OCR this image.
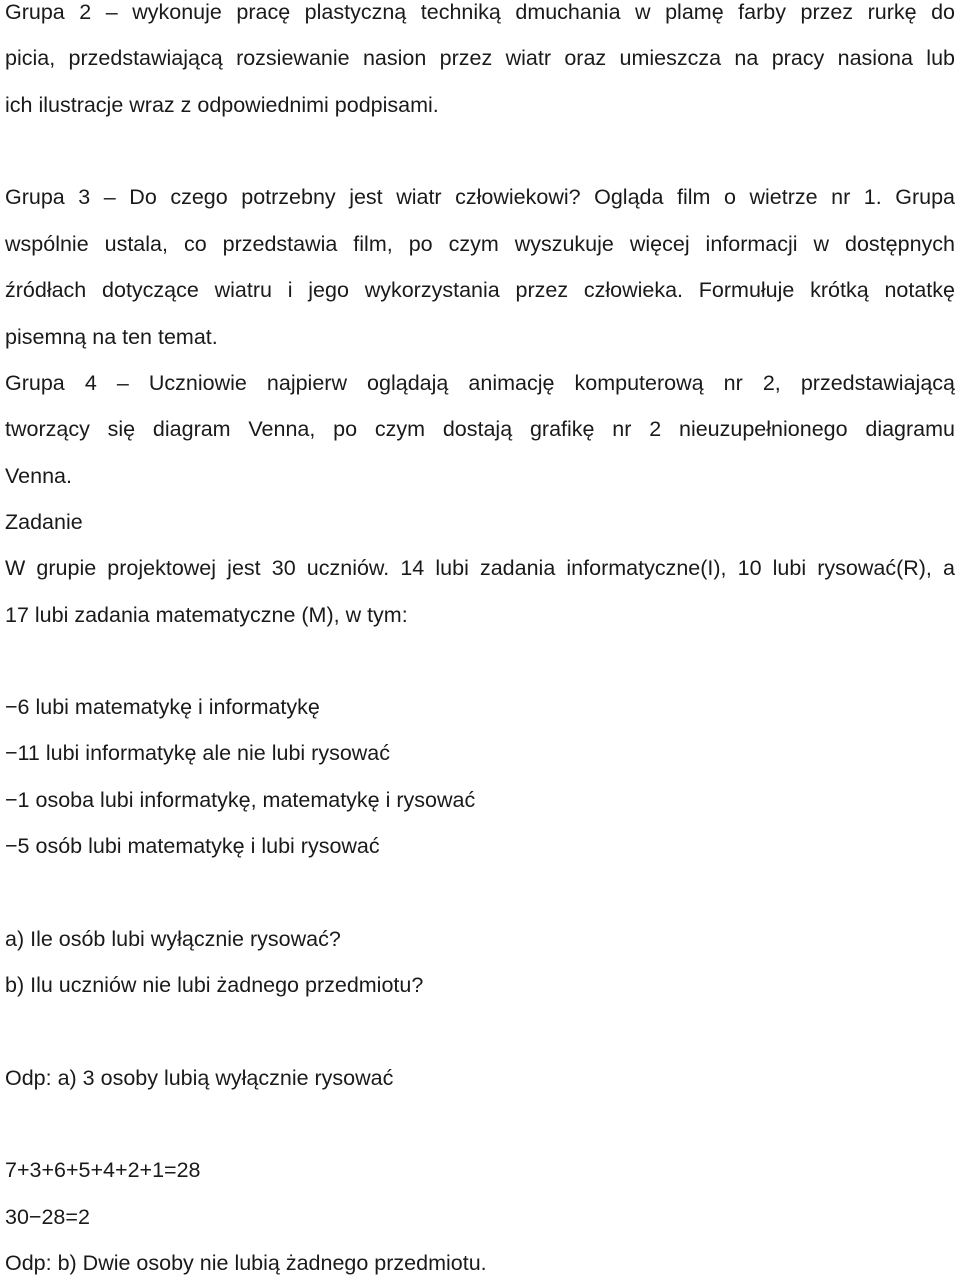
Grupa 2 – wykonuje pracę plastyczną techniką dmuchania w plamę farby przez rurkę do
picia, przedstawiającą rozsiewanie nasion przez wiatr oraz umieszcza na pracy nasiona lub
ich ilustracje wraz z odpowiednimi podpisami.
Grupa 3 – Do czego potrzebny jest wiatr człowiekowi? Ogląda film o wietrze nr 1. Grupa
wspólnie ustala, co przedstawia film, po czym wyszukuje więcej informacji w dostępnych
źródłach dotyczące wiatru i jego wykorzystania przez człowieka. Formułuje krótką notatkę
pisemną na ten temat.
Grupa 4 – Uczniowie najpierw oglądają animację komputerową nr 2, przedstawiającą
tworzący się diagram Venna, po czym dostają grafikę nr 2 nieuzupełnionego diagramu
Venna.
Zadanie
W grupie projektowej jest 30 uczniów. 14 lubi zadania informatyczne(I), 10 lubi rysować(R), a
17 lubi zadania matematyczne (M), w tym:
−6 lubi matematykę i informatykę
−11 lubi informatykę ale nie lubi rysować
−1 osoba lubi informatykę, matematykę i rysować
−5 osób lubi matematykę i lubi rysować
a) Ile osób lubi wyłącznie rysować?
b) Ilu uczniów nie lubi żadnego przedmiotu?
Odp: a) 3 osoby lubią wyłącznie rysować
7+3+6+5+4+2+1=28
30−28=2
Odp: b) Dwie osoby nie lubią żadnego przedmiotu.
